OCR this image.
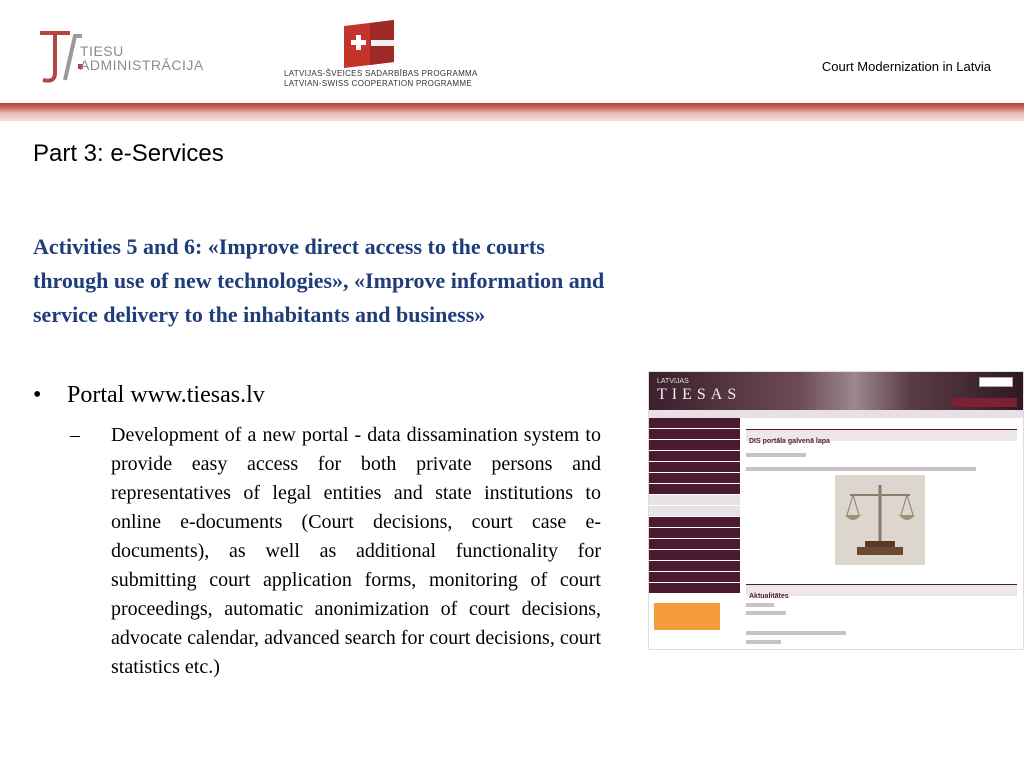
TIESU
ADMINISTRĀCIJA
LATVIJAS-ŠVEICES SADARBĪBAS PROGRAMMA
LATVIAN-SWISS COOPERATION PROGRAMME
Court Modernization in Latvia
Part 3: e-Services
Activities 5 and 6: «Improve direct access to the courts through use of new technologies», «Improve information and service delivery to the inhabitants and business»
• Portal www.tiesas.lv
– Development of a new portal - data dissamination system to provide easy access for both private persons and representatives of legal entities and state institutions to online e-documents (Court decisions, court case e-documents), as well as additional functionality for submitting court application forms, monitoring of court proceedings, automatic anonimization of court decisions, advocate calendar, advanced search for court decisions, court statistics etc.)
LATVIJAS
TIESAS
DIS portāla galvenā lapa
Aktualitātes
